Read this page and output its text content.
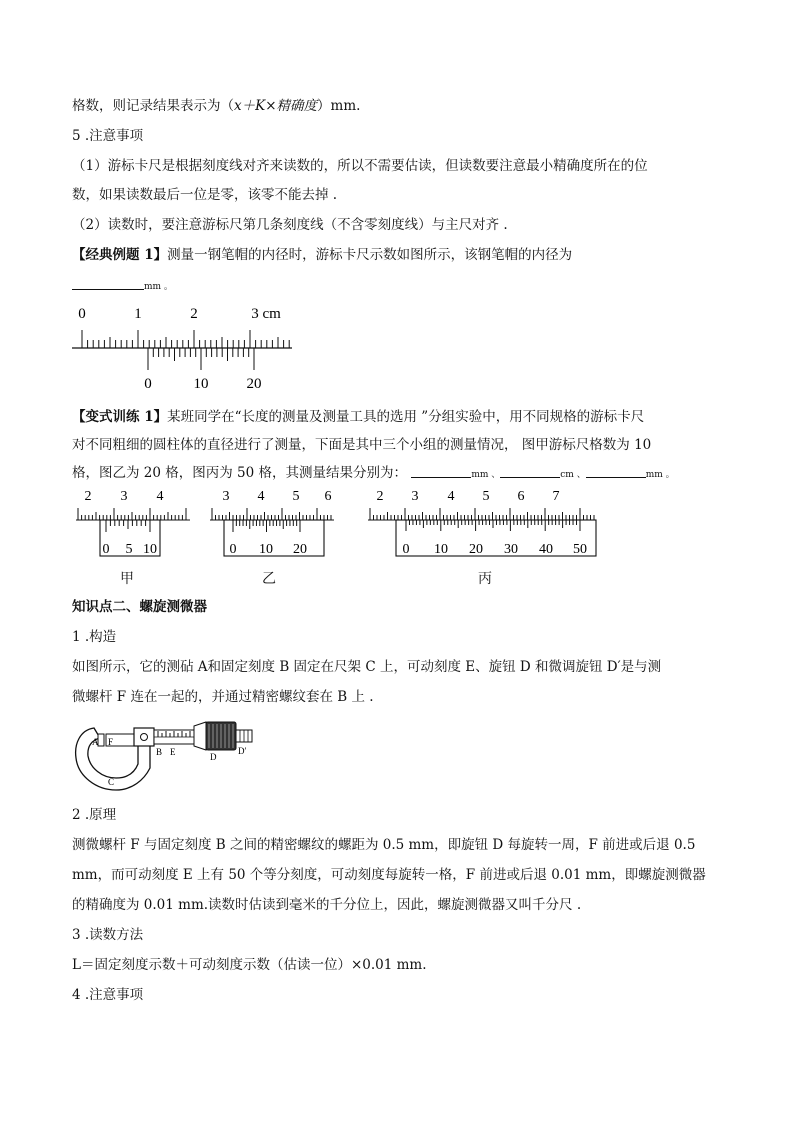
格数，则记录结果表示为（x＋K×精确度）mm.
5 .注意事项
（1）游标卡尺是根据刻度线对齐来读数的，所以不需要估读，但读数要注意最小精确度所在的位
数，如果读数最后一位是零，该零不能去掉 .
（2）读数时，要注意游标尺第几条刻度线（不含零刻度线）与主尺对齐 .
【经典例题 1】测量一钢笔帽的内径时，游标卡尺示数如图所示，该钢笔帽的内径为
mm 。
0	1	2	3 cm
0	10	20
【变式训练 1】某班同学在“长度的测量及测量工具的选用 ”分组实验中，用不同规格的游标卡尺
对不同粗细的圆柱体的直径进行了测量，下面是其中三个小组的测量情况， 图甲游标尺格数为 10
格，图乙为 20 格，图丙为 50 格，其测量结果分别为：	mm 、	cm 、	mm 。
2 3 4
0 5 10
甲
3 4 5 6
0 10 20
乙
2 3 4 5 6 7
0 10 20 30 40 50
丙
知识点二、螺旋测微器
1 .构造
如图所示，它的测砧 A和固定刻度 B 固定在尺架 C 上，可动刻度 E、旋钮 D 和微调旋钮 D′是与测
微螺杆 F 连在一起的，并通过精密螺纹套在 B 上 .
A F
B E	D
D′
C
2 .原理
测微螺杆 F 与固定刻度 B 之间的精密螺纹的螺距为 0.5 mm，即旋钮 D 每旋转一周，F 前进或后退 0.5
mm，而可动刻度 E 上有 50 个等分刻度，可动刻度每旋转一格，F 前进或后退 0.01 mm，即螺旋测微器
的精确度为 0.01 mm.读数时估读到毫米的千分位上，因此，螺旋测微器又叫千分尺 .
3 .读数方法
L＝固定刻度示数＋可动刻度示数（估读一位）×0.01 mm.
4 .注意事项
